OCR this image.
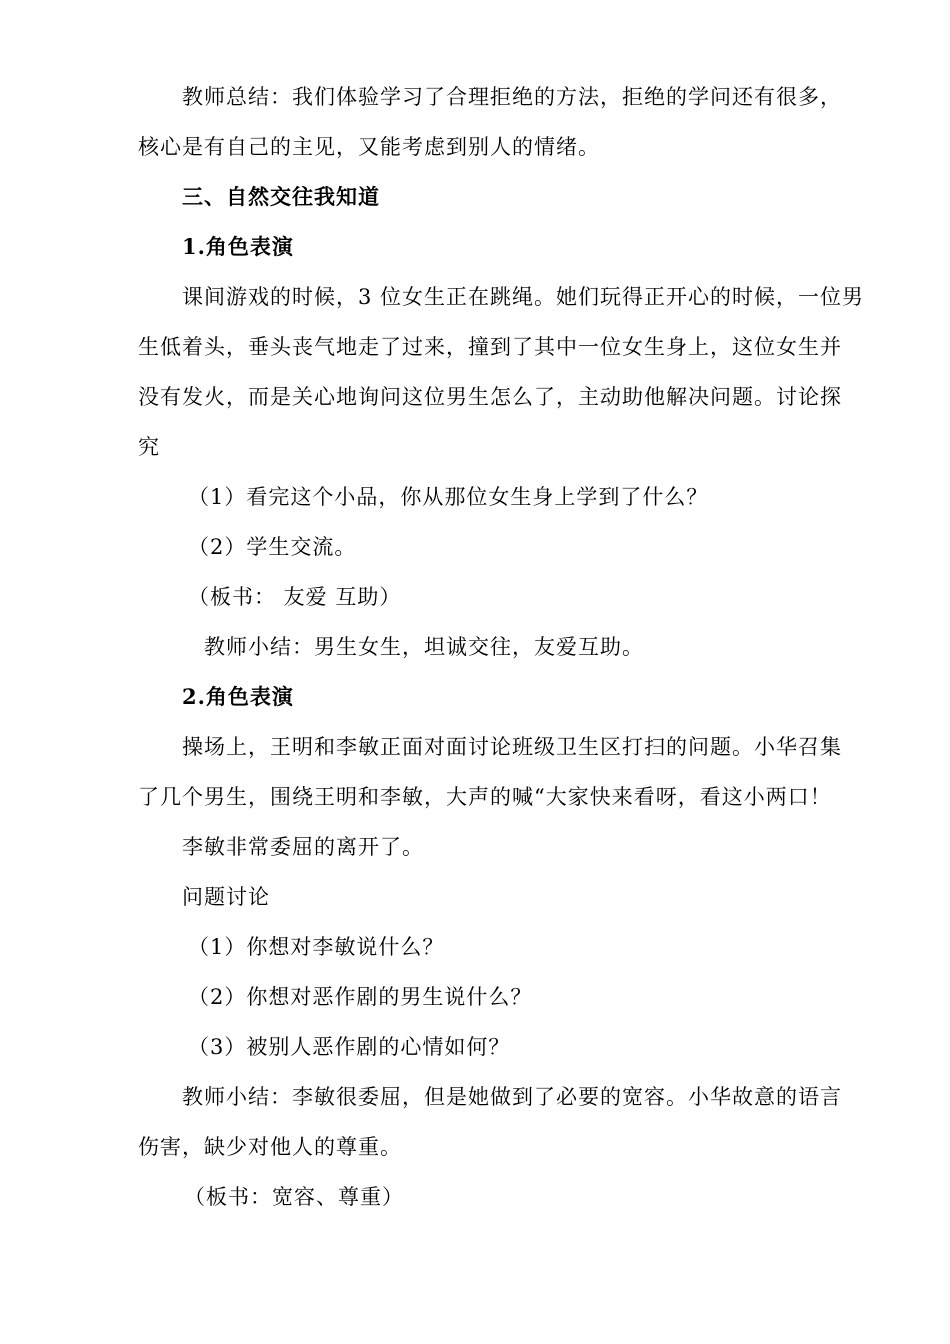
教师总结：我们体验学习了合理拒绝的方法，拒绝的学问还有很多，
核心是有自己的主见，又能考虑到别人的情绪。
三、自然交往我知道
1.角色表演
课间游戏的时候，3 位女生正在跳绳。她们玩得正开心的时候，一位男
生低着头，垂头丧气地走了过来，撞到了其中一位女生身上，这位女生并
没有发火，而是关心地询问这位男生怎么了，主动助他解决问题。讨论探
究
（1）看完这个小品，你从那位女生身上学到了什么？
（2）学生交流。
（板书： 友爱 互助）
教师小结：男生女生，坦诚交往，友爱互助。
2.角色表演
操场上，王明和李敏正面对面讨论班级卫生区打扫的问题。小华召集
了几个男生，围绕王明和李敏，大声的喊“大家快来看呀，看这小两口！
李敏非常委屈的离开了。
问题讨论
（1）你想对李敏说什么？
（2）你想对恶作剧的男生说什么？
（3）被别人恶作剧的心情如何？
教师小结：李敏很委屈，但是她做到了必要的宽容。小华故意的语言
伤害，缺少对他人的尊重。
（板书：宽容、尊重）
